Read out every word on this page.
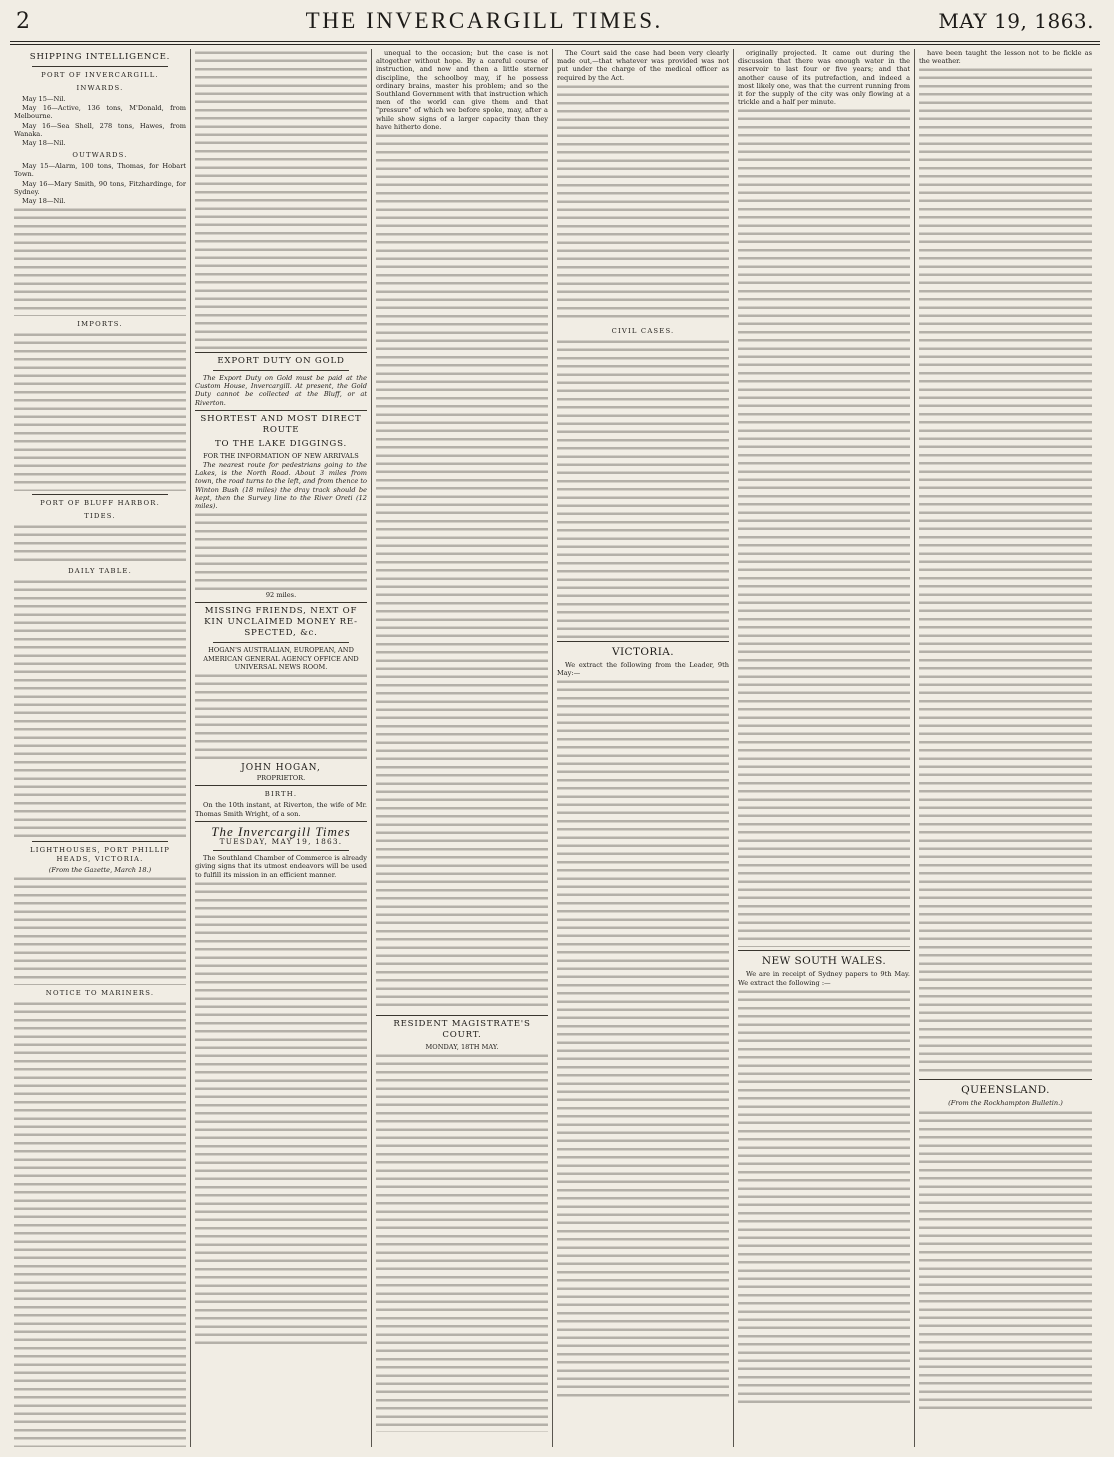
2	THE INVERCARGILL TIMES.	MAY 19, 1863.
SHIPPING INTELLIGENCE.
PORT OF INVERCARGILL.
INWARDS.
May 15—Nil.
May 16—Active, 136 tons, M'Donald, from Melbourne.
May 16—Sea Shell, 278 tons, Hawes, from Wanaka.
May 18—Nil.
OUTWARDS.
May 15—Alarm, 100 tons, Thomas, for Hobart Town.
May 16—Mary Smith, 90 tons, Fitzhardinge, for Sydney.
May 18—Nil.
IMPORTS.
PORT OF BLUFF HARBOR.
TIDES.
DAILY TABLE.
LIGHTHOUSES, PORT PHILLIP HEADS, VICTORIA.
(From the Gazette, March 18.)
NOTICE TO MARINERS.
EXPORT DUTY ON GOLD
The Export Duty on Gold must be paid at the Custom House, Invercargill. At present, the Gold Duty cannot be collected at the Bluff, or at Riverton.
SHORTEST AND MOST DIRECT ROUTE
TO THE LAKE DIGGINGS.
FOR THE INFORMATION OF NEW ARRIVALS
The nearest route for pedestrians going to the Lakes, is the North Road. About 3 miles from town, the road turns to the left, and from thence to Winton Bush (18 miles) the dray track should be kept, then the Survey line to the River Oreti (12 miles).
92 miles.
MISSING FRIENDS, NEXT OF KIN UNCLAIMED MONEY RE-SPECTED, &c.
HOGAN'S AUSTRALIAN, EUROPEAN, AND AMERICAN GENERAL AGENCY OFFICE AND UNIVERSAL NEWS ROOM.
JOHN HOGAN,
PROPRIETOR.
BIRTH.
On the 10th instant, at Riverton, the wife of Mr. Thomas Smith Wright, of a son.
The Invercargill Times
TUESDAY, MAY 19, 1863.
The Southland Chamber of Commerce is already giving signs that its utmost endeavors will be used to fulfill its mission in an efficient manner.
unequal to the occasion; but the case is not altogether without hope. By a careful course of instruction, and now and then a little sterner discipline, the schoolboy may, if he possess ordinary brains, master his problem; and so the Southland Government with that instruction which men of the world can give them and that "pressure" of which we before spoke, may, after a while show signs of a larger capacity than they have hitherto done.
RESIDENT MAGISTRATE'S COURT.
MONDAY, 18TH MAY.
The Court said the case had been very clearly made out,—that whatever was provided was not put under the charge of the medical officer as required by the Act.
CIVIL CASES.
VICTORIA.
We extract the following from the Leader, 9th May:—
originally projected. It came out during the discussion that there was enough water in the reservoir to last four or five years; and that another cause of its putrefaction, and indeed a most likely one, was that the current running from it for the supply of the city was only flowing at a trickle and a half per minute.
NEW SOUTH WALES.
We are in receipt of Sydney papers to 9th May. We extract the following :—
have been taught the lesson not to be fickle as the weather.
QUEENSLAND.
(From the Rockhampton Bulletin.)
